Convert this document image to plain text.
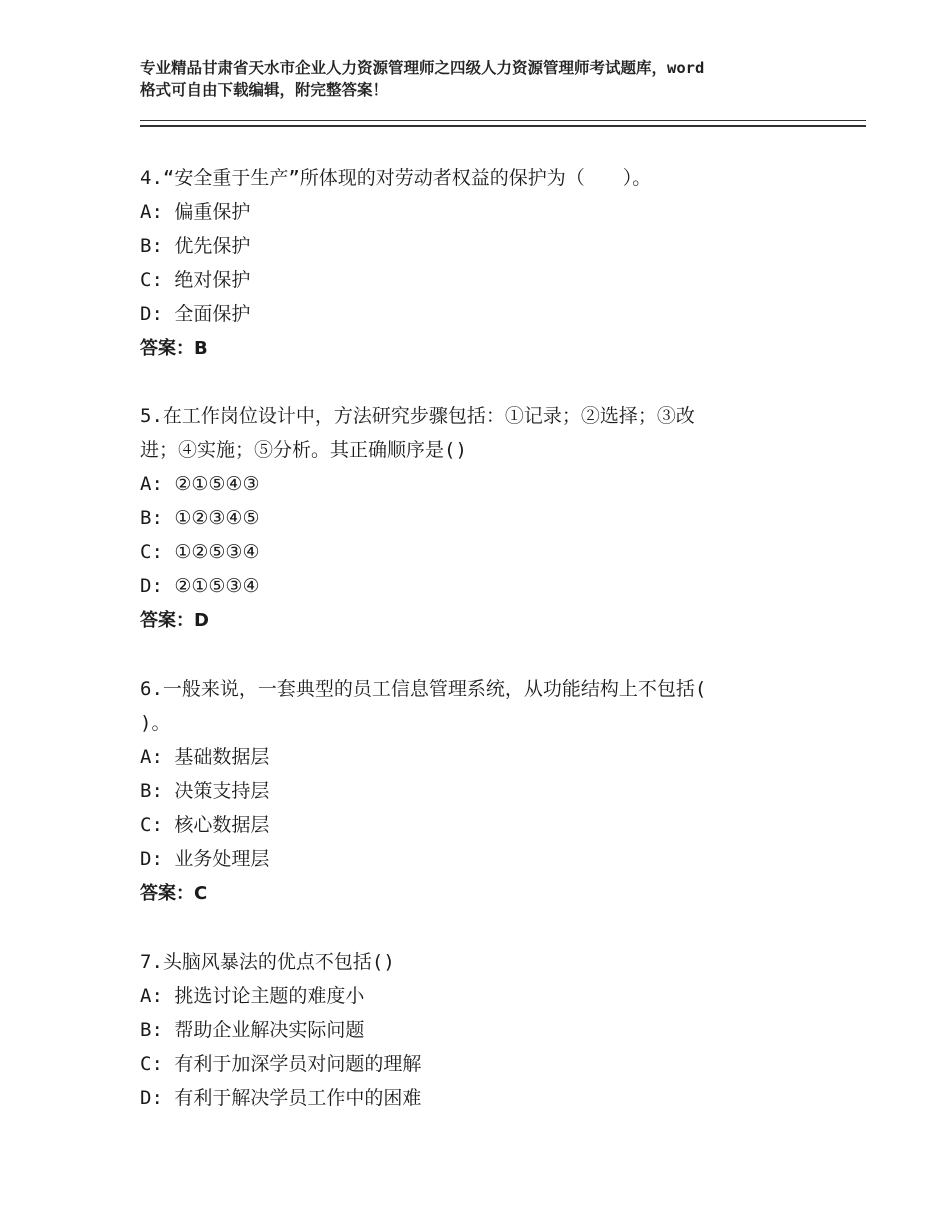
专业精品甘肃省天水市企业人力资源管理师之四级人力资源管理师考试题库，word
格式可自由下载编辑，附完整答案！
4.“安全重于生产”所体现的对劳动者权益的保护为（　　）。
A: 偏重保护
B: 优先保护
C: 绝对保护
D: 全面保护
答案：B
5.在工作岗位设计中，方法研究步骤包括：①记录；②选择；③改
进；④实施；⑤分析。其正确顺序是()
A: ②①⑤④③
B: ①②③④⑤
C: ①②⑤③④
D: ②①⑤③④
答案：D
6.一般来说，一套典型的员工信息管理系统，从功能结构上不包括(
)。
A: 基础数据层
B: 决策支持层
C: 核心数据层
D: 业务处理层
答案：C
7.头脑风暴法的优点不包括()
A: 挑选讨论主题的难度小
B: 帮助企业解决实际问题
C: 有利于加深学员对问题的理解
D: 有利于解决学员工作中的困难
